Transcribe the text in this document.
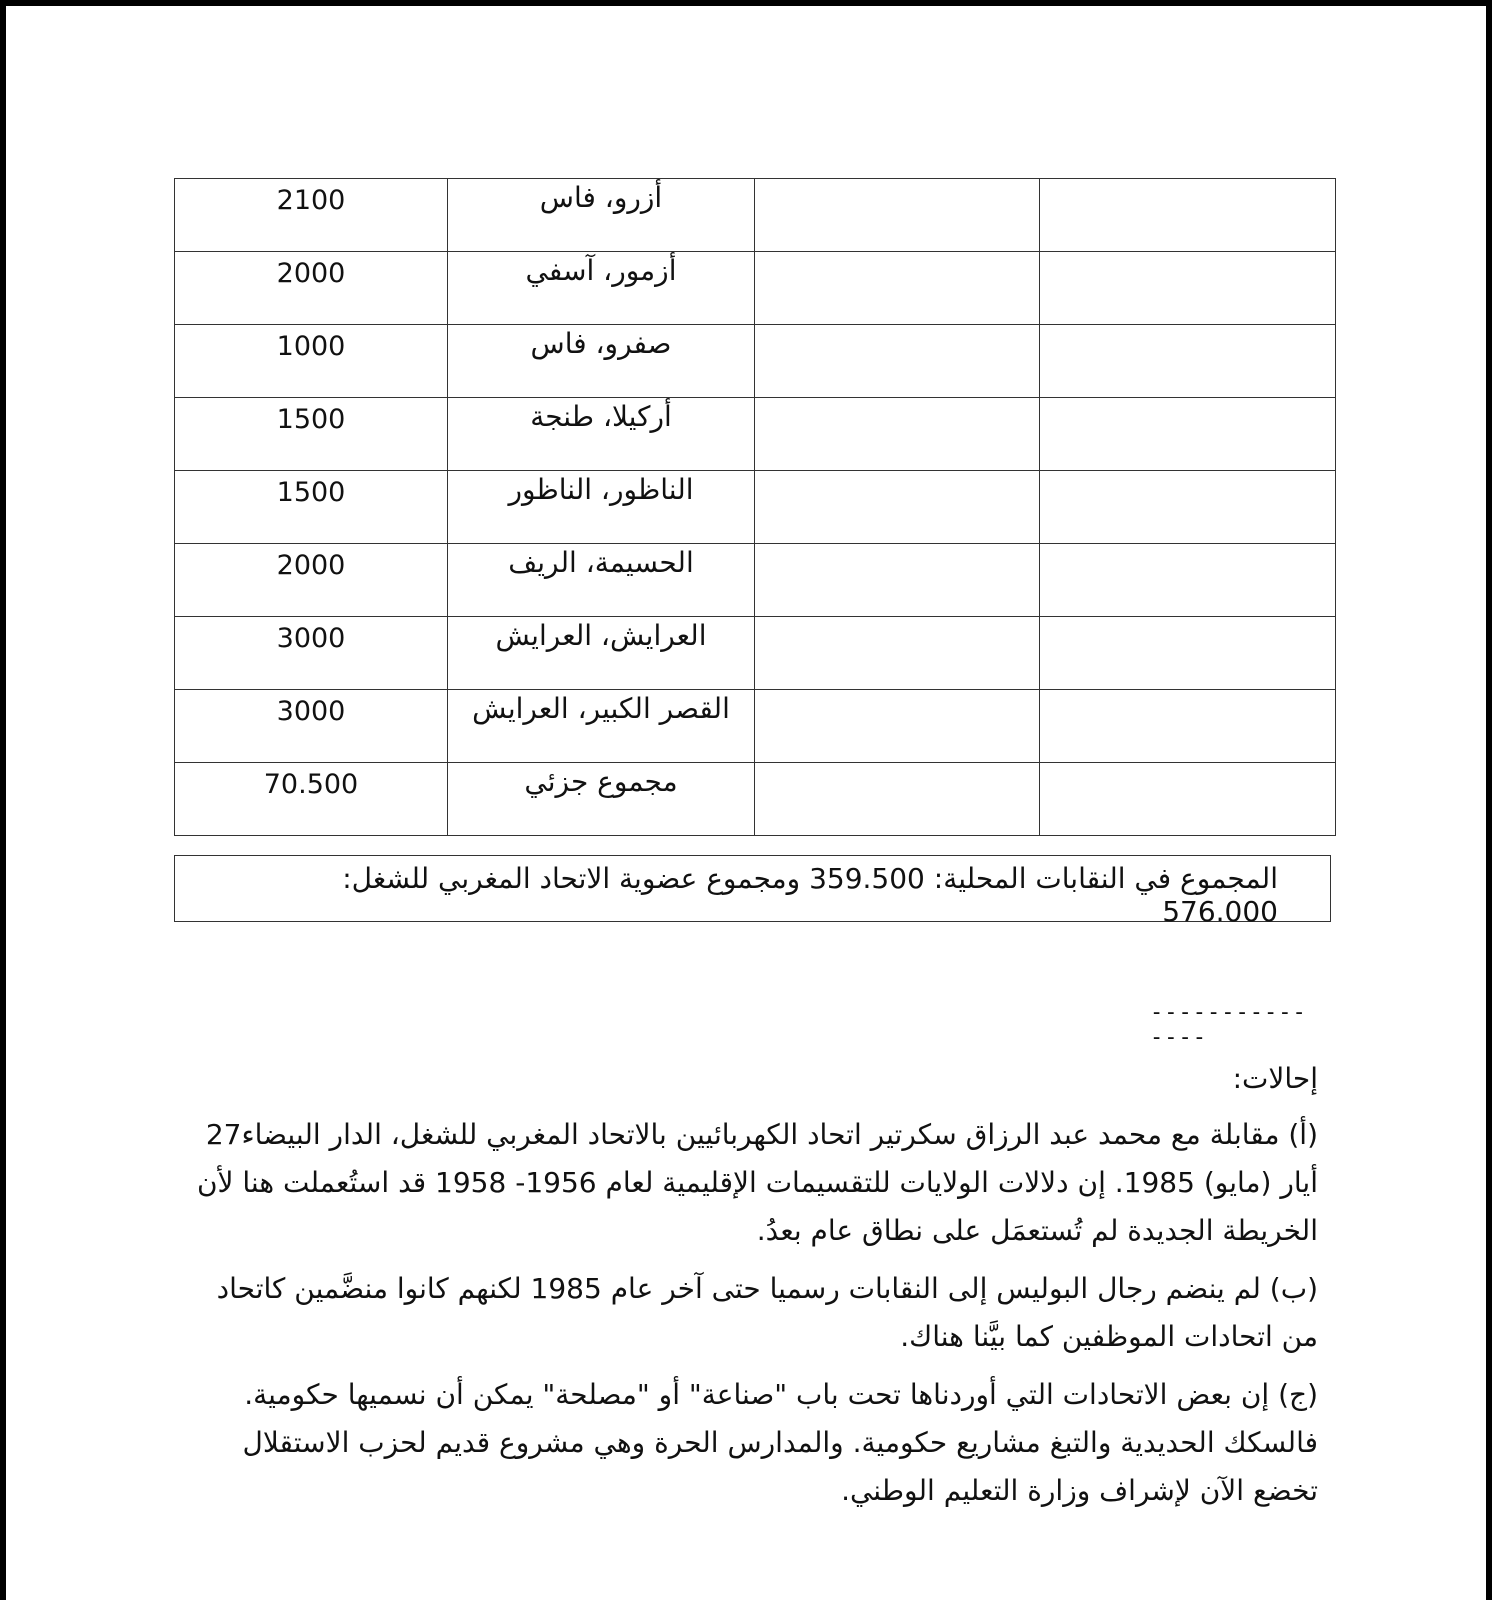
2100	أزرو، فاس		
2000	أزمور، آسفي		
1000	صفرو، فاس		
1500	أركيلا، طنجة		
1500	الناظور، الناظور		
2000	الحسيمة، الريف		
3000	العرايش، العرايش		
3000	القصر الكبير، العرايش		
70.500	مجموع جزئي		
المجموع في النقابات المحلية: 359.500 ومجموع عضوية الاتحاد المغربي للشغل: 576.000
---------------
إحالات:

(أ) مقابلة مع محمد عبد الرزاق سكرتير اتحاد الكهربائيين بالاتحاد المغربي للشغل، الدار البيضاء27 أيار (مايو) 1985. إن دلالات الولايات للتقسيمات الإقليمية لعام 1956- 1958 قد استُعملت هنا لأن الخريطة الجديدة لم تُستعمَل على نطاق عام بعدُ.

(ب) لم ينضم رجال البوليس إلى النقابات رسميا حتى آخر عام 1985 لكنهم كانوا منضَّمين كاتحاد من اتحادات الموظفين كما بيَّنا هناك.

(ج) إن بعض الاتحادات التي أوردناها تحت باب "صناعة" أو "مصلحة" يمكن أن نسميها حكومية. فالسكك الحديدية والتبغ مشاريع حكومية. والمدارس الحرة وهي مشروع قديم لحزب الاستقلال تخضع الآن لإشراف وزارة التعليم الوطني.
